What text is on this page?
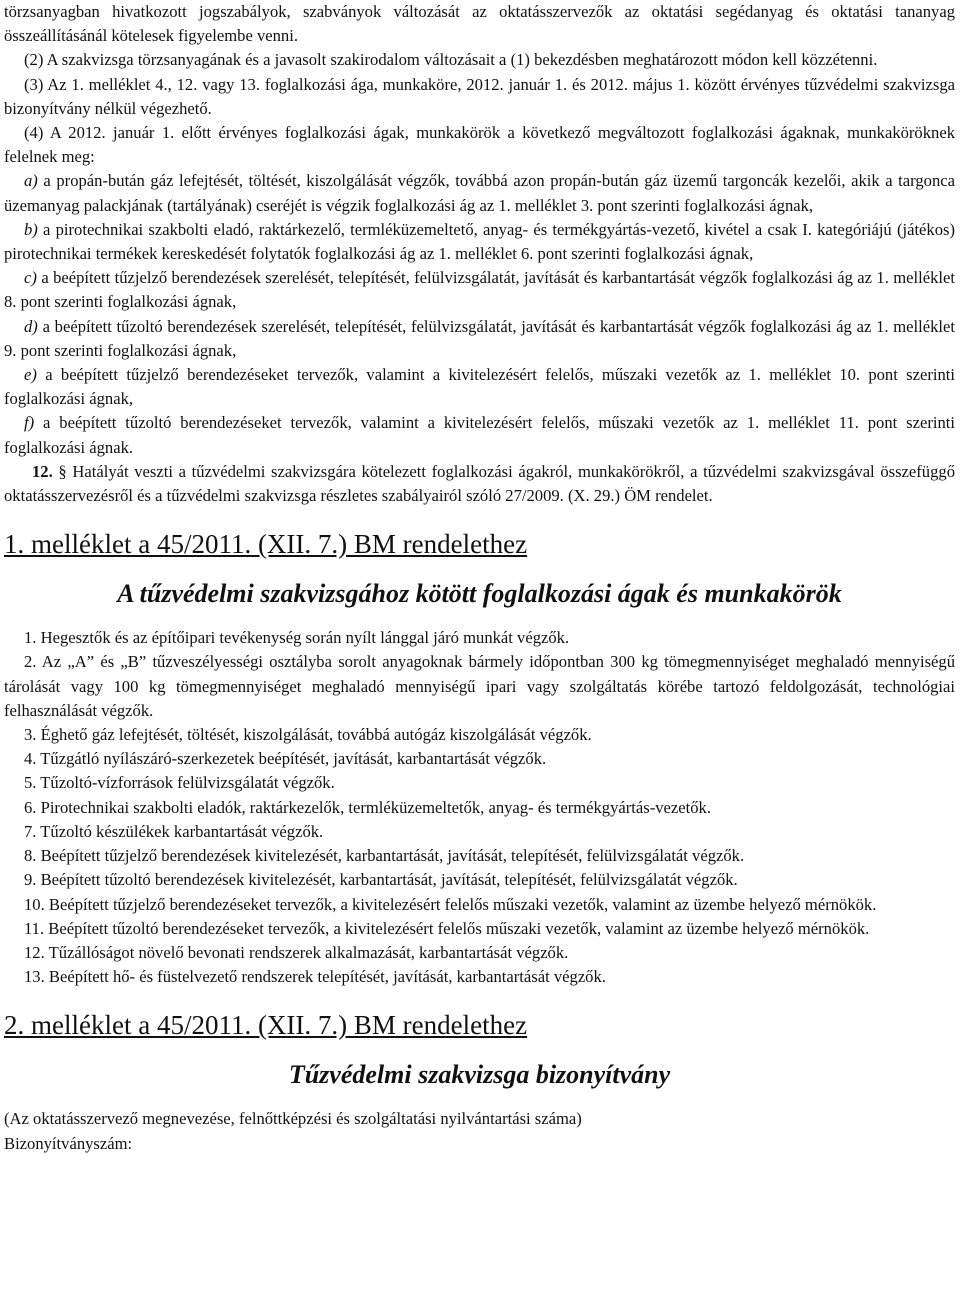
törzsanyagban hivatkozott jogszabályok, szabványok változását az oktatásszervezők az oktatási segédanyag és oktatási tananyag összeállításánál kötelesek figyelembe venni.

(2) A szakvizsga törzsanyagának és a javasolt szakirodalom változásait a (1) bekezdésben meghatározott módon kell közzétenni.

(3) Az 1. melléklet 4., 12. vagy 13. foglalkozási ága, munkaköre, 2012. január 1. és 2012. május 1. között érvényes tűzvédelmi szakvizsga bizonyítvány nélkül végezhető.

(4) A 2012. január 1. előtt érvényes foglalkozási ágak, munkakörök a következő megváltozott foglalkozási ágaknak, munkaköröknek felelnek meg:

a) a propán-bután gáz lefejtését, töltését, kiszolgálását végzők, továbbá azon propán-bután gáz üzemű targoncák kezelői, akik a targonca üzemanyag palackjának (tartályának) cseréjét is végzik foglalkozási ág az 1. melléklet 3. pont szerinti foglalkozási ágnak,

b) a pirotechnikai szakbolti eladó, raktárkezelő, termléküzemeltető, anyag- és termékgyártás-vezető, kivétel a csak I. kategóriájú (játékos) pirotechnikai termékek kereskedését folytatók foglalkozási ág az 1. melléklet 6. pont szerinti foglalkozási ágnak,

c) a beépített tűzjelző berendezések szerelését, telepítését, felülvizsgálatát, javítását és karbantartását végzők foglalkozási ág az 1. melléklet 8. pont szerinti foglalkozási ágnak,

d) a beépített tűzoltó berendezések szerelését, telepítését, felülvizsgálatát, javítását és karbantartását végzők foglalkozási ág az 1. melléklet 9. pont szerinti foglalkozási ágnak,

e) a beépített tűzjelző berendezéseket tervezők, valamint a kivitelezésért felelős, műszaki vezetők az 1. melléklet 10. pont szerinti foglalkozási ágnak,

f) a beépített tűzoltó berendezéseket tervezők, valamint a kivitelezésért felelős, műszaki vezetők az 1. melléklet 11. pont szerinti foglalkozási ágnak.

12. § Hatályát veszti a tűzvédelmi szakvizsgára kötelezett foglalkozási ágakról, munkakörökről, a tűzvédelmi szakvizsgával összefüggő oktatásszervezésről és a tűzvédelmi szakvizsga részletes szabályairól szóló 27/2009. (X. 29.) ÖM rendelet.

1. melléklet a 45/2011. (XII. 7.) BM rendelethez
A tűzvédelmi szakvizsgához kötött foglalkozási ágak és munkakörök

1. Hegesztők és az építőipari tevékenység során nyílt lánggal járó munkát végzők.

2. Az „A” és „B” tűzveszélyességi osztályba sorolt anyagoknak bármely időpontban 300 kg tömegmennyiséget meghaladó mennyiségű tárolását vagy 100 kg tömegmennyiséget meghaladó mennyiségű ipari vagy szolgáltatás körébe tartozó feldolgozását, technológiai felhasználását végzők.

3. Éghető gáz lefejtését, töltését, kiszolgálását, továbbá autógáz kiszolgálását végzők.

4. Tűzgátló nyílászáró-szerkezetek beépítését, javítását, karbantartását végzők.

5. Tűzoltó-vízforrások felülvizsgálatát végzők.

6. Pirotechnikai szakbolti eladók, raktárkezelők, termléküzemeltetők, anyag- és termékgyártás-vezetők.

7. Tűzoltó készülékek karbantartását végzők.

8. Beépített tűzjelző berendezések kivitelezését, karbantartását, javítását, telepítését, felülvizsgálatát végzők.

9. Beépített tűzoltó berendezések kivitelezését, karbantartását, javítását, telepítését, felülvizsgálatát végzők.

10. Beépített tűzjelző berendezéseket tervezők, a kivitelezésért felelős műszaki vezetők, valamint az üzembe helyező mérnökök.

11. Beépített tűzoltó berendezéseket tervezők, a kivitelezésért felelős műszaki vezetők, valamint az üzembe helyező mérnökök.

12. Tűzállóságot növelő bevonati rendszerek alkalmazását, karbantartását végzők.

13. Beépített hő- és füstelvezető rendszerek telepítését, javítását, karbantartását végzők.

2. melléklet a 45/2011. (XII. 7.) BM rendelethez
Tűzvédelmi szakvizsga bizonyítvány

(Az oktatásszervező megnevezése, felnőttképzési és szolgáltatási nyilvántartási száma)

Bizonyítványszám:
